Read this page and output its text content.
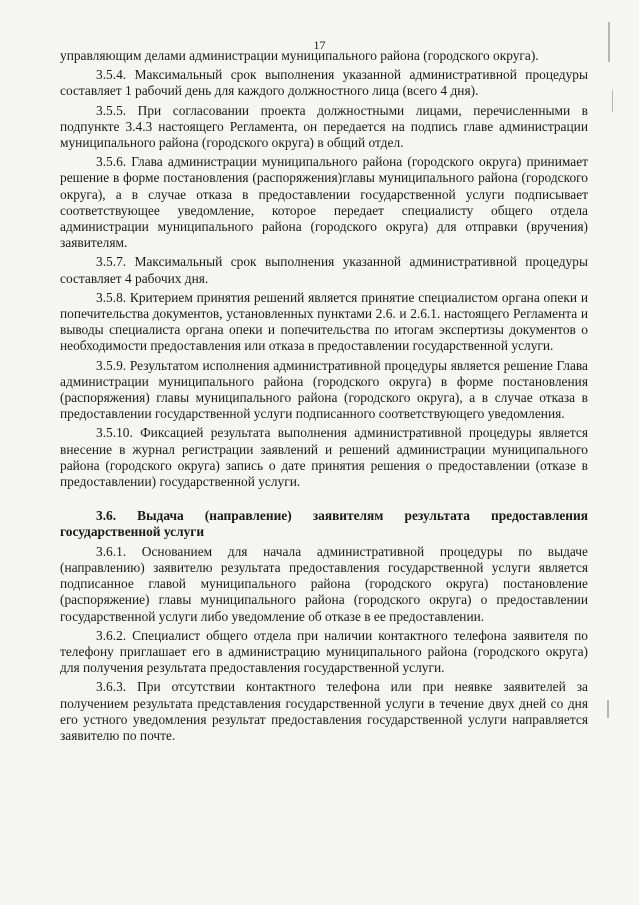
17

управляющим делами администрации муниципального района (городского округа).

3.5.4. Максимальный срок выполнения указанной административной процедуры составляет 1 рабочий день для каждого должностного лица (всего 4 дня).

3.5.5. При согласовании проекта должностными лицами, перечисленными в подпункте 3.4.3 настоящего Регламента, он передается на подпись главе администрации муниципального района (городского округа) в общий отдел.

3.5.6. Глава администрации муниципального района (городского округа) принимает решение в форме постановления (распоряжения)главы муниципального района (городского округа), а в случае отказа в предоставлении государственной услуги подписывает соответствующее уведомление, которое передает специалисту общего отдела администрации муниципального района (городского округа) для отправки (вручения) заявителям.

3.5.7. Максимальный срок выполнения указанной административной процедуры составляет 4 рабочих дня.

3.5.8. Критерием принятия решений является принятие специалистом органа опеки и попечительства документов, установленных пунктами 2.6. и 2.6.1. настоящего Регламента и выводы специалиста органа опеки и попечительства по итогам экспертизы документов о необходимости предоставления или отказа в предоставлении государственной услуги.

3.5.9. Результатом исполнения административной процедуры является решение Глава администрации муниципального района (городского округа) в форме постановления (распоряжения) главы муниципального района (городского округа), а в случае отказа в предоставлении государственной услуги подписанного соответствующего уведомления.

3.5.10. Фиксацией результата выполнения административной процедуры является внесение в журнал регистрации заявлений и решений администрации муниципального района (городского округа) запись о дате принятия решения о предоставлении (отказе в предоставлении) государственной услуги.

3.6. Выдача (направление) заявителям результата предоставления государственной услуги

3.6.1. Основанием для начала административной процедуры по выдаче (направлению) заявителю результата предоставления государственной услуги является подписанное главой муниципального района (городского округа) постановление (распоряжение) главы муниципального района (городского округа) о предоставлении государственной услуги либо уведомление об отказе в ее предоставлении.

3.6.2. Специалист общего отдела при наличии контактного телефона заявителя по телефону приглашает его в администрацию муниципального района (городского округа) для получения результата предоставления государственной услуги.

3.6.3. При отсутствии контактного телефона или при неявке заявителей за получением результата представления государственной услуги в течение двух дней со дня его устного уведомления результат предоставления государственной услуги направляется заявителю по почте.
